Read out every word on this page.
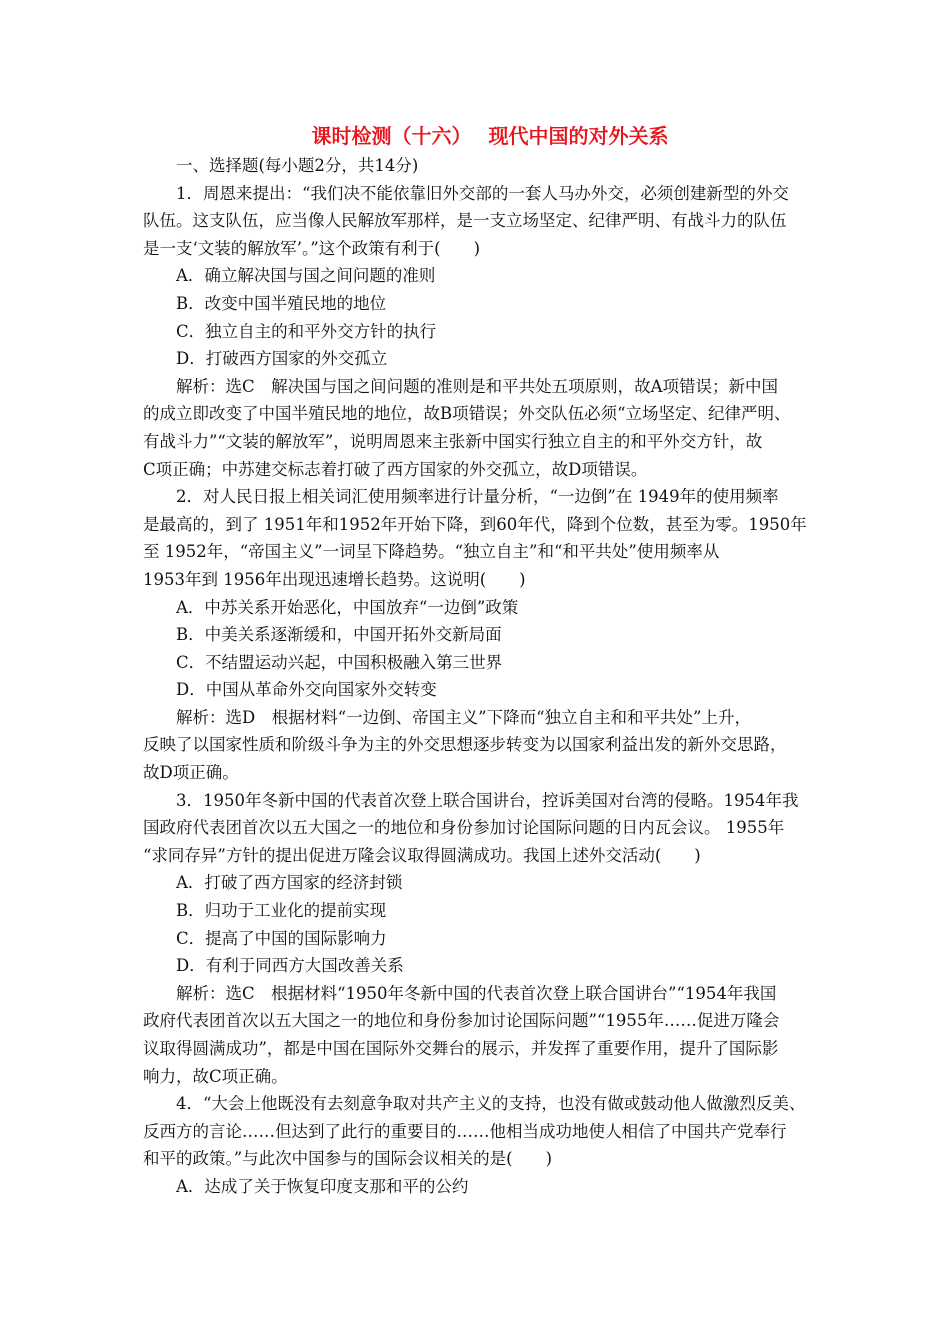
课时检测（十六）　 现代中国的对外关系
一、选择题(每小题2分，共14分)
1．周恩来提出：“我们决不能依靠旧外交部的一套人马办外交，必须创建新型的外交
队伍。这支队伍，应当像人民解放军那样，是一支立场坚定、纪律严明、有战斗力的队伍
是一支‘文装的解放军’。”这个政策有利于(　　)
A．确立解决国与国之间问题的准则
B．改变中国半殖民地的地位
C．独立自主的和平外交方针的执行
D．打破西方国家的外交孤立
解析：选C　解决国与国之间问题的准则是和平共处五项原则，故A项错误；新中国
的成立即改变了中国半殖民地的地位，故B项错误；外交队伍必须“立场坚定、纪律严明、
有战斗力”“文装的解放军”，说明周恩来主张新中国实行独立自主的和平外交方针，故
C项正确；中苏建交标志着打破了西方国家的外交孤立，故D项错误。
2．对人民日报上相关词汇使用频率进行计量分析，“一边倒”在 1949年的使用频率
是最高的，到了 1951年和1952年开始下降，到60年代，降到个位数，甚至为零。1950年
至 1952年，“帝国主义”一词呈下降趋势。“独立自主”和“和平共处”使用频率从
1953年到 1956年出现迅速增长趋势。这说明(　　)
A．中苏关系开始恶化，中国放弃“一边倒”政策
B．中美关系逐渐缓和，中国开拓外交新局面
C．不结盟运动兴起，中国积极融入第三世界
D．中国从革命外交向国家外交转变
解析：选D　根据材料“一边倒、帝国主义”下降而“独立自主和和平共处”上升，
反映了以国家性质和阶级斗争为主的外交思想逐步转变为以国家利益出发的新外交思路，
故D项正确。
3．1950年冬新中国的代表首次登上联合国讲台，控诉美国对台湾的侵略。1954年我
国政府代表团首次以五大国之一的地位和身份参加讨论国际问题的日内瓦会议。 1955年
“求同存异”方针的提出促进万隆会议取得圆满成功。我国上述外交活动(　　)
A．打破了西方国家的经济封锁
B．归功于工业化的提前实现
C．提高了中国的国际影响力
D．有利于同西方大国改善关系
解析：选C　根据材料“1950年冬新中国的代表首次登上联合国讲台”“1954年我国
政府代表团首次以五大国之一的地位和身份参加讨论国际问题”“1955年……促进万隆会
议取得圆满成功”，都是中国在国际外交舞台的展示，并发挥了重要作用，提升了国际影
响力，故C项正确。
4．“大会上他既没有去刻意争取对共产主义的支持，也没有做或鼓动他人做激烈反美、
反西方的言论……但达到了此行的重要目的……他相当成功地使人相信了中国共产党奉行
和平的政策。”与此次中国参与的国际会议相关的是(　　)
A．达成了关于恢复印度支那和平的公约
